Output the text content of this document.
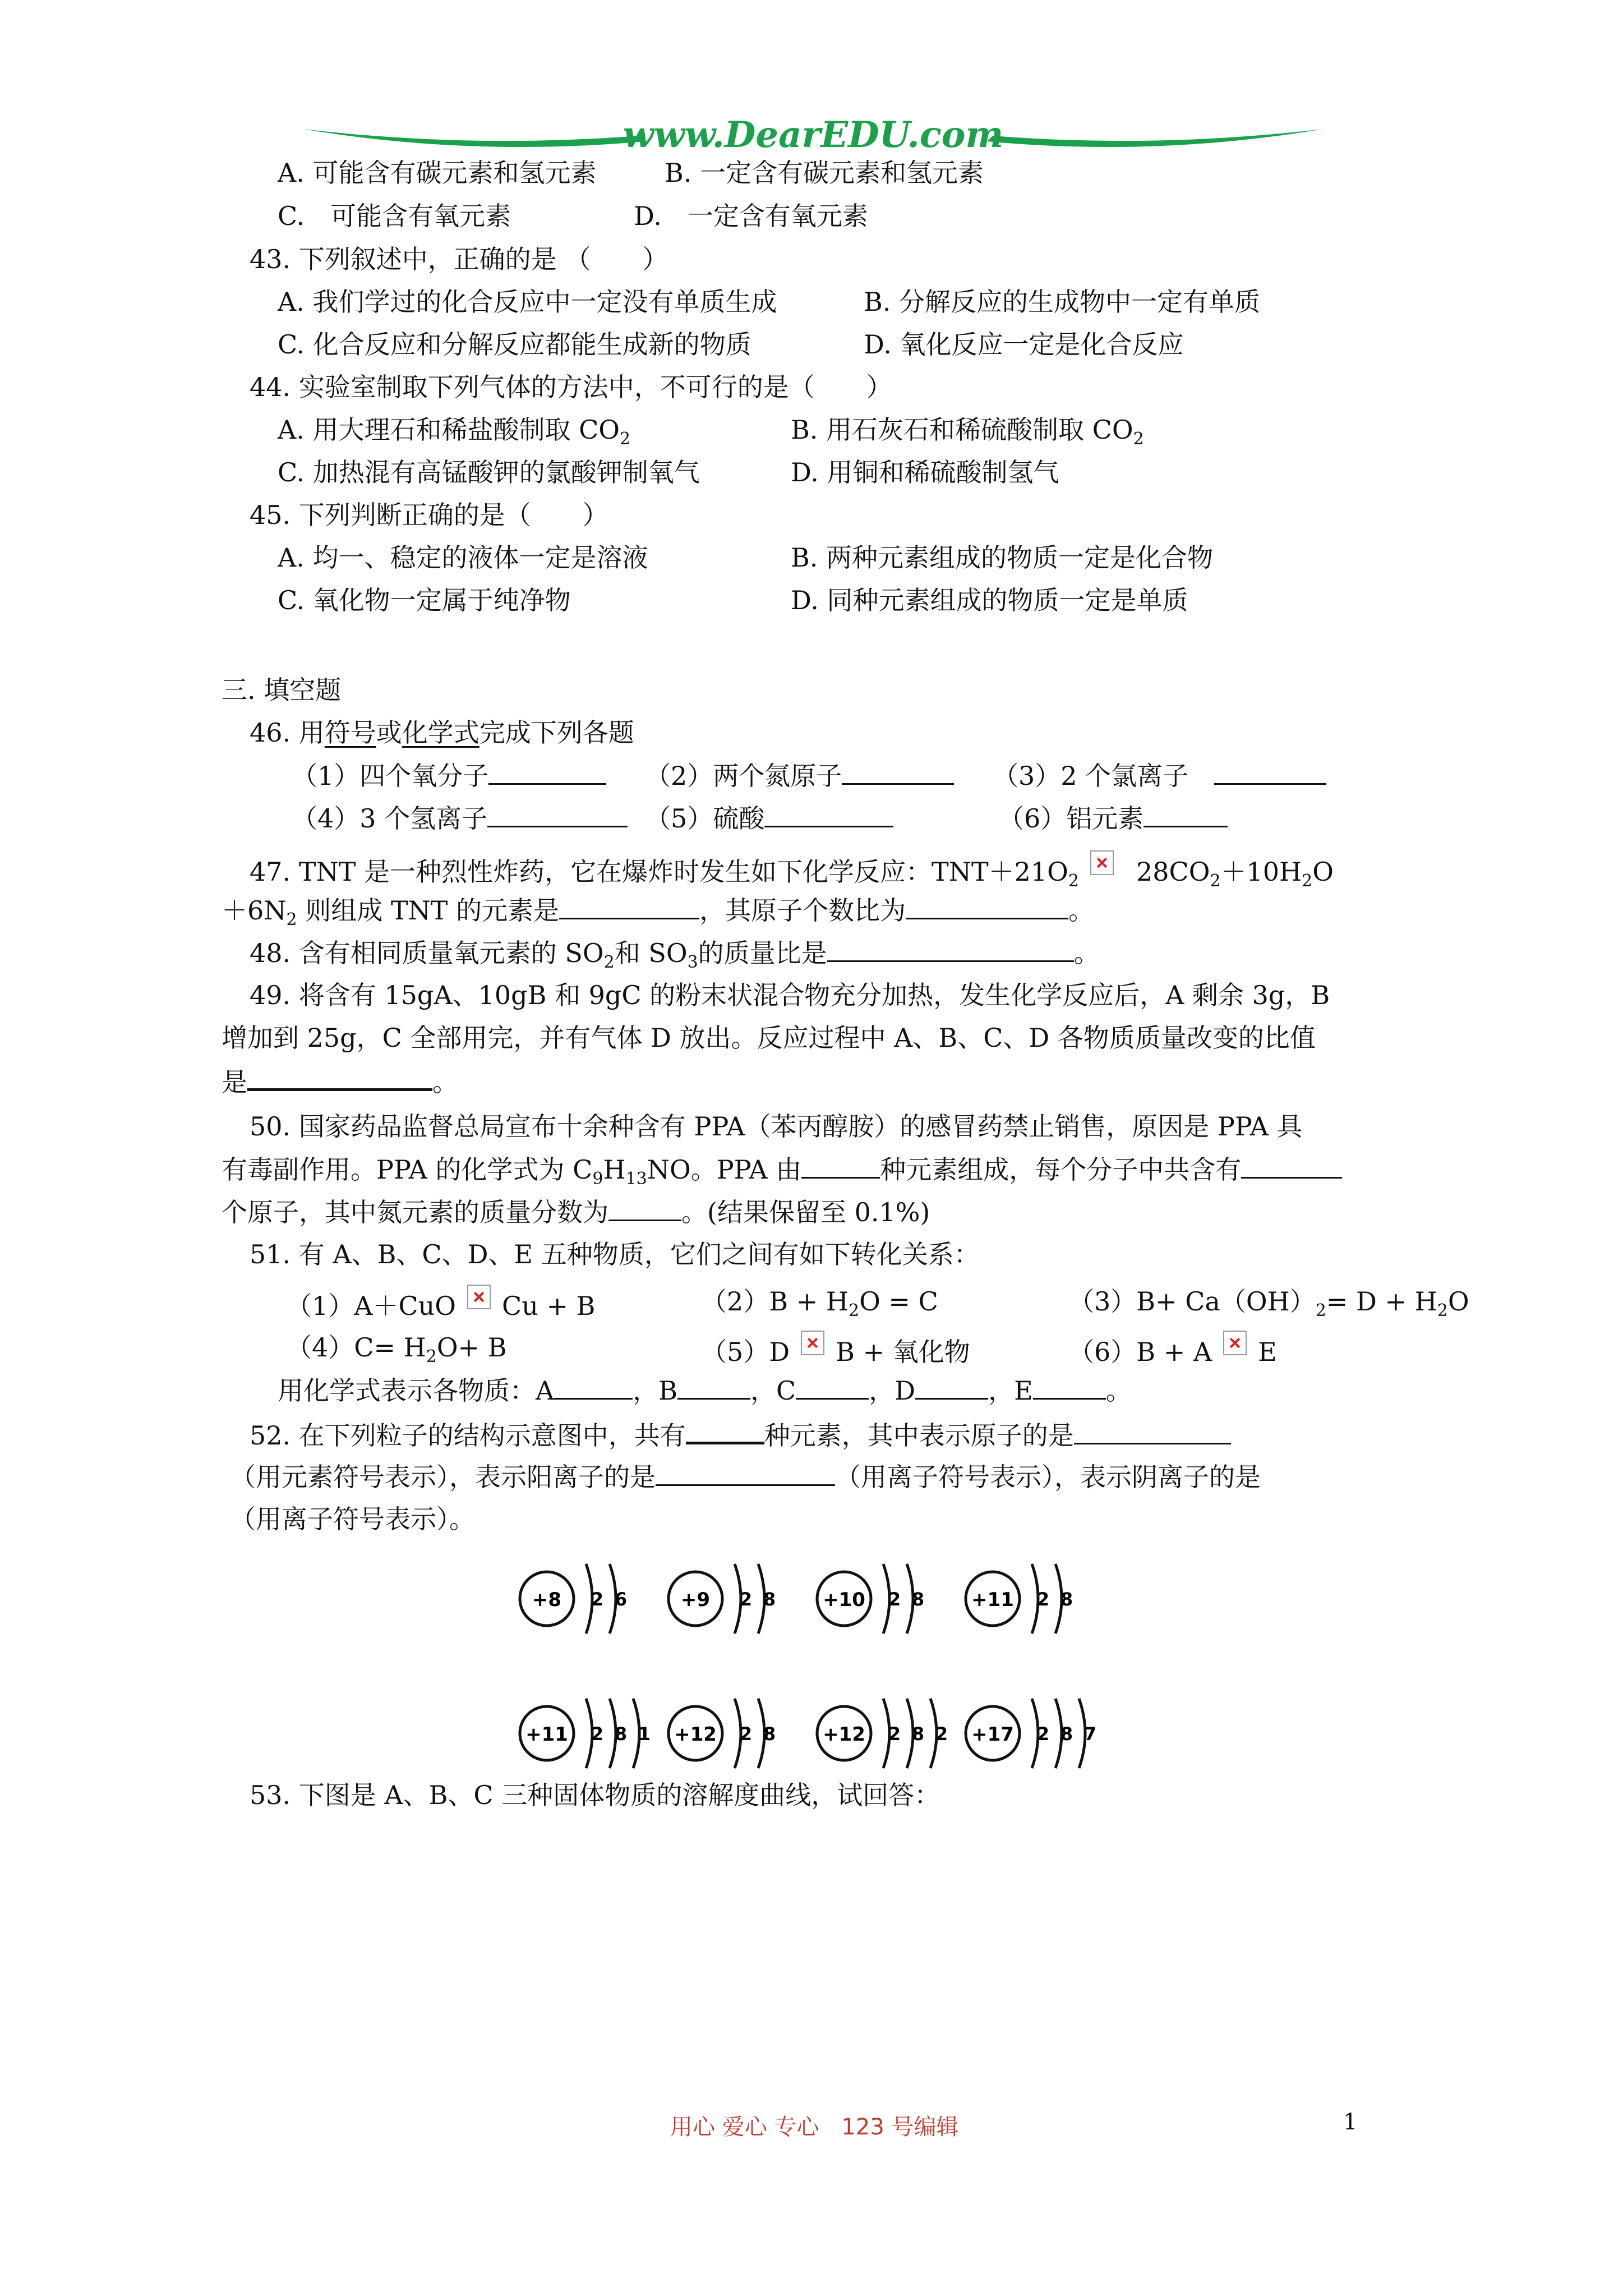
www.DearEDU.com
A. 可能含有碳元素和氢元素	B. 一定含有碳元素和氢元素
C.　可能含有氧元素	D.　一定含有氧元素
43. 下列叙述中，正确的是 （　　）
A. 我们学过的化合反应中一定没有单质生成	B. 分解反应的生成物中一定有单质
C. 化合反应和分解反应都能生成新的物质	D. 氧化反应一定是化合反应
44. 实验室制取下列气体的方法中，不可行的是（　　）
A. 用大理石和稀盐酸制取 $CO_2$	B. 用石灰石和稀硫酸制取 $CO_2$
C. 加热混有高锰酸钾的氯酸钾制氧气	D. 用铜和稀硫酸制氢气
45. 下列判断正确的是（　　）
A. 均一、稳定的液体一定是溶液	B. 两种元素组成的物质一定是化合物
C. 氧化物一定属于纯净物	D. 同种元素组成的物质一定是单质
三. 填空题
46. 用符号或化学式完成下列各题
（1）四个氧分子	（2）两个氮原子	（3）2 个氯离子　
（4）3 个氢离子	（5）硫酸	（6）铝元素
47. TNT 是一种烈性炸药，它在爆炸时发生如下化学反应：$TNT+21O_2$ $28CO_2+10H_2O$
$+6N_2$ 则组成 TNT 的元素是	，其原子个数比为	。
48. 含有相同质量氧元素的 $SO_2$和 $SO_3$的质量比是	。
49. 将含有 15gA、10gB 和 9gC 的粉末状混合物充分加热，发生化学反应后，A 剩余 3g，B
增加到 25g，C 全部用完，并有气体 D 放出。反应过程中 A、B、C、D 各物质质量改变的比值
是	。
50. 国家药品监督总局宣布十余种含有 PPA（苯丙醇胺）的感冒药禁止销售，原因是 PPA 具
有毒副作用。PPA 的化学式为 $C_9H_{13}NO$。PPA 由	种元素组成，每个分子中共含有
个原子，其中氮元素的质量分数为	。(结果保留至 0.1%)
51. 有 A、B、C、D、E 五种物质，它们之间有如下转化关系：
（1）A＋CuO Cu + B	$(2)B + H_2O = C$	$(3)B+ Ca(OH)_2= D + H_2O$
$(4)C= H_2O+ B$	（5）D B + 氧化物	（6）B + A E
用化学式表示各物质：A	，B	，C	，D	，E	。
52. 在下列粒子的结构示意图中，共有	种元素，其中表示原子的是
（用元素符号表示），表示阳离子的是	（用离子符号表示），表示阴离子的是
（用离子符号表示）。
+8 2 6	+9 2 8 +10 2 8 +11 2 8
+11 2 8 1 +12 2 8 +12 2 8 2 +17 2 8 7
53. 下图是 A、B、C 三种固体物质的溶解度曲线，试回答：
用心 爱心 专心　123 号编辑	1
